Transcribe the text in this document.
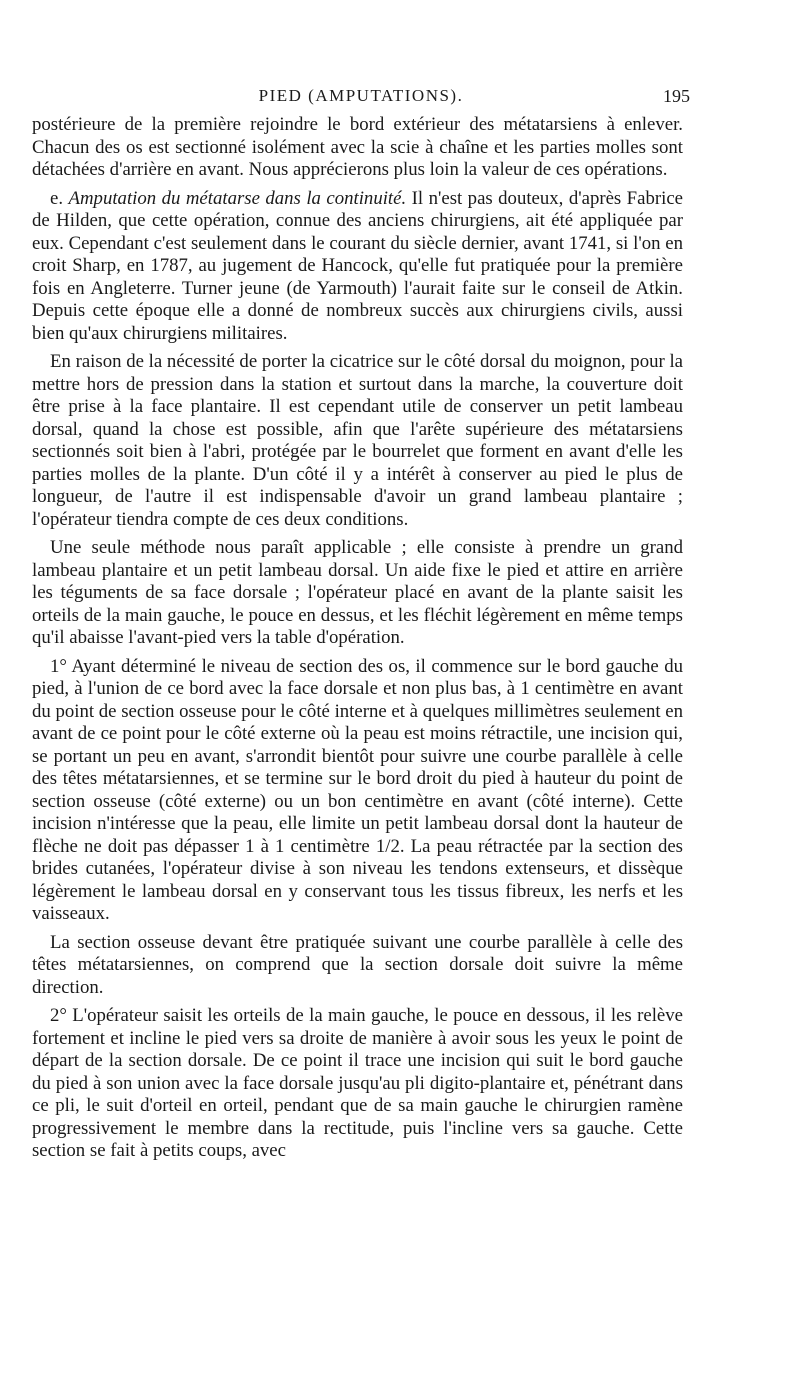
PIED (AMPUTATIONS).	195

postérieure de la première rejoindre le bord extérieur des métatarsiens à enlever. Chacun des os est sectionné isolément avec la scie à chaîne et les parties molles sont détachées d'arrière en avant. Nous apprécierons plus loin la valeur de ces opérations.

e. Amputation du métatarse dans la continuité. Il n'est pas douteux, d'après Fabrice de Hilden, que cette opération, connue des anciens chirurgiens, ait été appliquée par eux. Cependant c'est seulement dans le courant du siècle dernier, avant 1741, si l'on en croit Sharp, en 1787, au jugement de Hancock, qu'elle fut pratiquée pour la première fois en Angleterre. Turner jeune (de Yarmouth) l'aurait faite sur le conseil de Atkin. Depuis cette époque elle a donné de nombreux succès aux chirurgiens civils, aussi bien qu'aux chirurgiens militaires.

En raison de la nécessité de porter la cicatrice sur le côté dorsal du moignon, pour la mettre hors de pression dans la station et surtout dans la marche, la couverture doit être prise à la face plantaire. Il est cependant utile de conserver un petit lambeau dorsal, quand la chose est possible, afin que l'arête supérieure des métatarsiens sectionnés soit bien à l'abri, protégée par le bourrelet que forment en avant d'elle les parties molles de la plante. D'un côté il y a intérêt à conserver au pied le plus de longueur, de l'autre il est indispensable d'avoir un grand lambeau plantaire ; l'opérateur tiendra compte de ces deux conditions.

Une seule méthode nous paraît applicable ; elle consiste à prendre un grand lambeau plantaire et un petit lambeau dorsal. Un aide fixe le pied et attire en arrière les téguments de sa face dorsale ; l'opérateur placé en avant de la plante saisit les orteils de la main gauche, le pouce en dessus, et les fléchit légèrement en même temps qu'il abaisse l'avant-pied vers la table d'opération.

1° Ayant déterminé le niveau de section des os, il commence sur le bord gauche du pied, à l'union de ce bord avec la face dorsale et non plus bas, à 1 centimètre en avant du point de section osseuse pour le côté interne et à quelques millimètres seulement en avant de ce point pour le côté externe où la peau est moins rétractile, une incision qui, se portant un peu en avant, s'arrondit bientôt pour suivre une courbe parallèle à celle des têtes métatarsiennes, et se termine sur le bord droit du pied à hauteur du point de section osseuse (côté externe) ou un bon centimètre en avant (côté interne). Cette incision n'intéresse que la peau, elle limite un petit lambeau dorsal dont la hauteur de flèche ne doit pas dépasser 1 à 1 centimètre 1/2. La peau rétractée par la section des brides cutanées, l'opérateur divise à son niveau les tendons extenseurs, et dissèque légèrement le lambeau dorsal en y conservant tous les tissus fibreux, les nerfs et les vaisseaux.

La section osseuse devant être pratiquée suivant une courbe parallèle à celle des têtes métatarsiennes, on comprend que la section dorsale doit suivre la même direction.

2° L'opérateur saisit les orteils de la main gauche, le pouce en dessous, il les relève fortement et incline le pied vers sa droite de manière à avoir sous les yeux le point de départ de la section dorsale. De ce point il trace une incision qui suit le bord gauche du pied à son union avec la face dorsale jusqu'au pli digito-plantaire et, pénétrant dans ce pli, le suit d'orteil en orteil, pendant que de sa main gauche le chirurgien ramène progressivement le membre dans la rectitude, puis l'incline vers sa gauche. Cette section se fait à petits coups, avec
